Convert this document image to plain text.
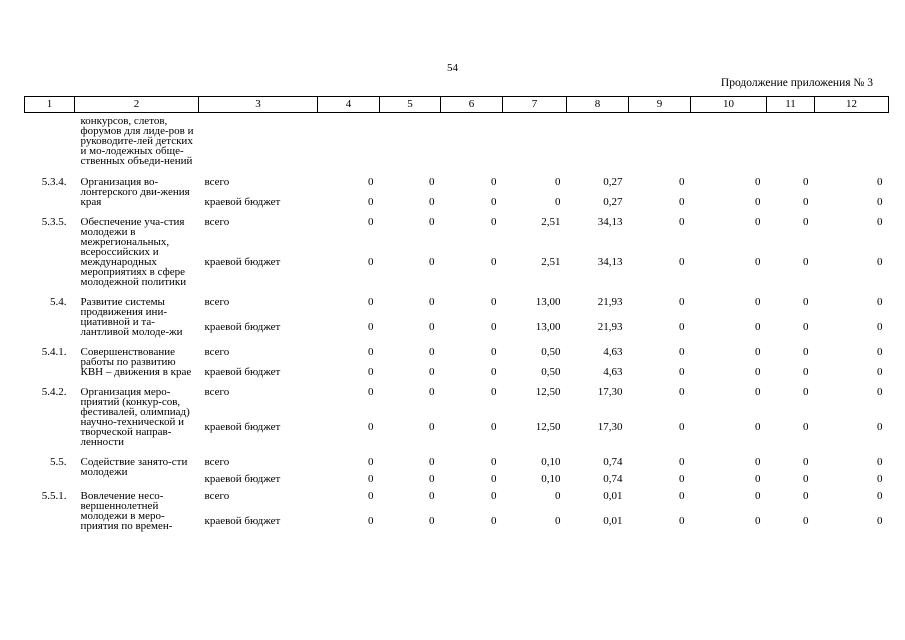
54
Продолжение приложения № 3
1	2	3	4	5	6	7	8	9	10	11	12

	конкурсов, слетов, форумов для лиде-ров и руководите-лей детских и мо-лодежных обще-ственных объеди-нений										

5.3.4.	Организация во-лонтерского дви-жения края	всего	0	0	0	0	0,27	0	0	0	0
		краевой бюджет	0	0	0	0	0,27	0	0	0	0
5.3.5.	Обеспечение уча-стия молодежи в межрегиональных, всероссийских и международных мероприятиях в сфере молодежной политики	всего	0	0	0	2,51	34,13	0	0	0	0
		краевой бюджет	0	0	0	2,51	34,13	0	0	0	0
5.4.	Развитие системы продвижения ини-циативной и та-лантливой молоде-жи	всего	0	0	0	13,00	21,93	0	0	0	0
		краевой бюджет	0	0	0	13,00	21,93	0	0	0	0
5.4.1.	Совершенствование работы по развитию КВН – движения в крае	всего	0	0	0	0,50	4,63	0	0	0	0
		краевой бюджет	0	0	0	0,50	4,63	0	0	0	0
5.4.2.	Организация меро-приятий (конкур-сов, фестивалей, олимпиад) научно-технической и творческой направ-ленности	всего	0	0	0	12,50	17,30	0	0	0	0
		краевой бюджет	0	0	0	12,50	17,30	0	0	0	0
5.5.	Содействие занято-сти молодежи	всего	0	0	0	0,10	0,74	0	0	0	0
		краевой бюджет	0	0	0	0,10	0,74	0	0	0	0
5.5.1.	Вовлечение несо-вершеннолетней молодежи в меро-приятия по времен-	всего	0	0	0	0	0,01	0	0	0	0
		краевой бюджет	0	0	0	0	0,01	0	0	0	0
